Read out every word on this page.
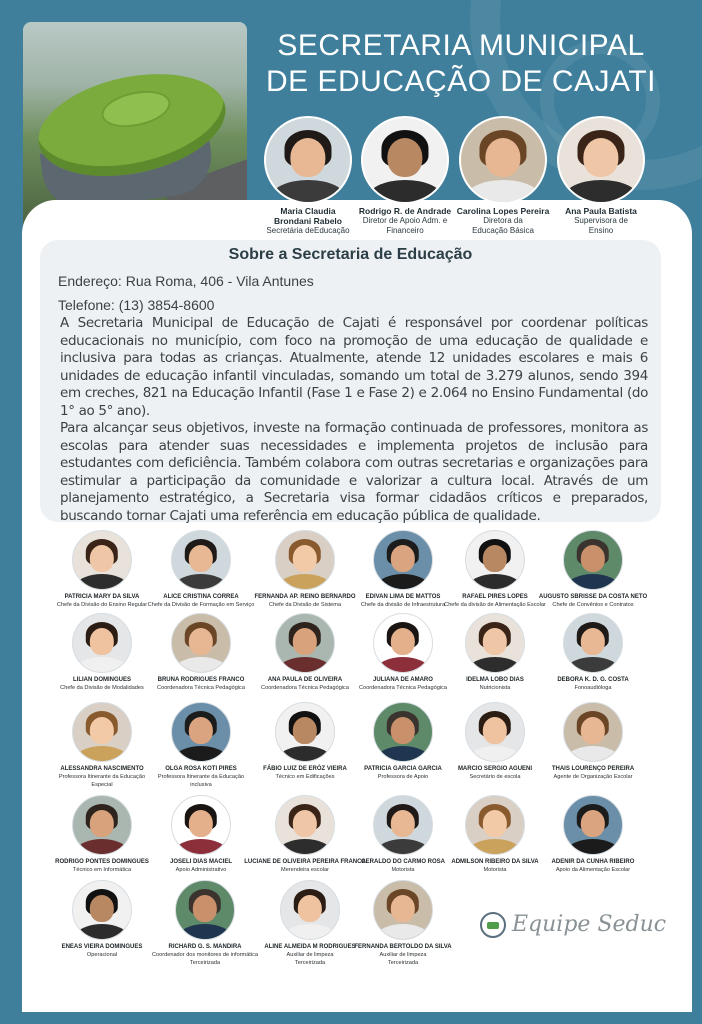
SECRETARIA MUNICIPAL
DE EDUCAÇÃO DE CAJATI
Maria Claudia
Brondani Rabelo
Secretária deEducação
Rodrigo R. de Andrade
Diretor de Apoio Adm. e
Financeiro
Carolina Lopes Pereira
Diretora da
Educação Básica
Ana Paula Batista
Supervisora de
Ensino
Sobre a Secretaria de Educação
Endereço: Rua Roma, 406 - Vila Antunes
Telefone: (13) 3854-8600
A Secretaria Municipal de Educação de Cajati é responsável por coordenar políticas educacionais no município, com foco na promoção de uma educação de qualidade e inclusiva para todas as crianças. Atualmente, atende 12 unidades escolares e mais 6 unidades de educação infantil vinculadas, somando um total de 3.279 alunos, sendo 394 em creches, 821 na Educação Infantil (Fase 1 e Fase 2) e 2.064 no Ensino Fundamental (do 1° ao 5° ano).
Para alcançar seus objetivos, investe na formação continuada de professores, monitora as escolas para atender suas necessidades e implementa projetos de inclusão para estudantes com deficiência. Também colabora com outras secretarias e organizações para estimular a participação da comunidade e valorizar a cultura local. Através de um planejamento estratégico, a Secretaria visa formar cidadãos críticos e preparados, buscando tornar Cajati uma referência em educação pública de qualidade.
PATRICIA MARY DA SILVA
Chefe da Divisão do Ensino Regular
ALICE CRISTINA CORREA
Chefe da Divisão de Formação em Serviço
FERNANDA AP. REINO BERNARDO
Chefe da Divisão de Sistema
EDIVAN LIMA DE MATTOS
Chefe da divisão de Infraestrutura
RAFAEL PIRES LOPES
Chefe da divisão de Alimentação Escolar
AUGUSTO SBRISSE DA COSTA NETO
Chefe de Convênios e Contratos
LILIAN DOMINGUES
Chefe da Divisão de Modalidades
BRUNA RODRIGUES FRANCO
Coordenadora Técnica Pedagógica
ANA PAULA DE OLIVEIRA
Coordenadora Técnica Pedagógica
JULIANA DE AMARO
Coordenadora Técnica Pedagógica
IDELMA LOBO DIAS
Nutricionista
DEBORA K. D. G. COSTA
Fonoaudióloga
ALESSANDRA NASCIMENTO
Professora Itinerante da Educação
Especial
OLGA ROSA KOTI PIRES
Professora Itinerante da Educação
inclusiva
FÁBIO LUIZ DE ERÓZ VIEIRA
Técnico em Edificações
PATRICIA GARCIA GARCIA
Professora de Apoio
MARCIO SERGIO AGUENI
Secretário de escola
THAIS LOURENÇO PEREIRA
Agente de Organização Escolar
RODRIGO PONTES DOMINGUES
Técnico em Informática
JOSELI DIAS MACIEL
Apoio Administrativo
LUCIANE DE OLIVEIRA PEREIRA FRANCA
Merendeira escolar
GERALDO DO CARMO ROSA
Motorista
ADMILSON RIBEIRO DA SILVA
Motorista
ADENIR DA CUNHA RIBEIRO
Apoio da Alimentação Escolar
ENEAS VIEIRA DOMINGUES
Operacional
RICHARD G. S. MANDIRA
Coordenador dos monitores de informática
Terceirizada
ALINE ALMEIDA M RODRIGUES
Auxiliar de limpeza
Terceirizada
FERNANDA BERTOLDO DA SILVA
Auxiliar de limpeza
Terceirizada
Equipe Seduc
